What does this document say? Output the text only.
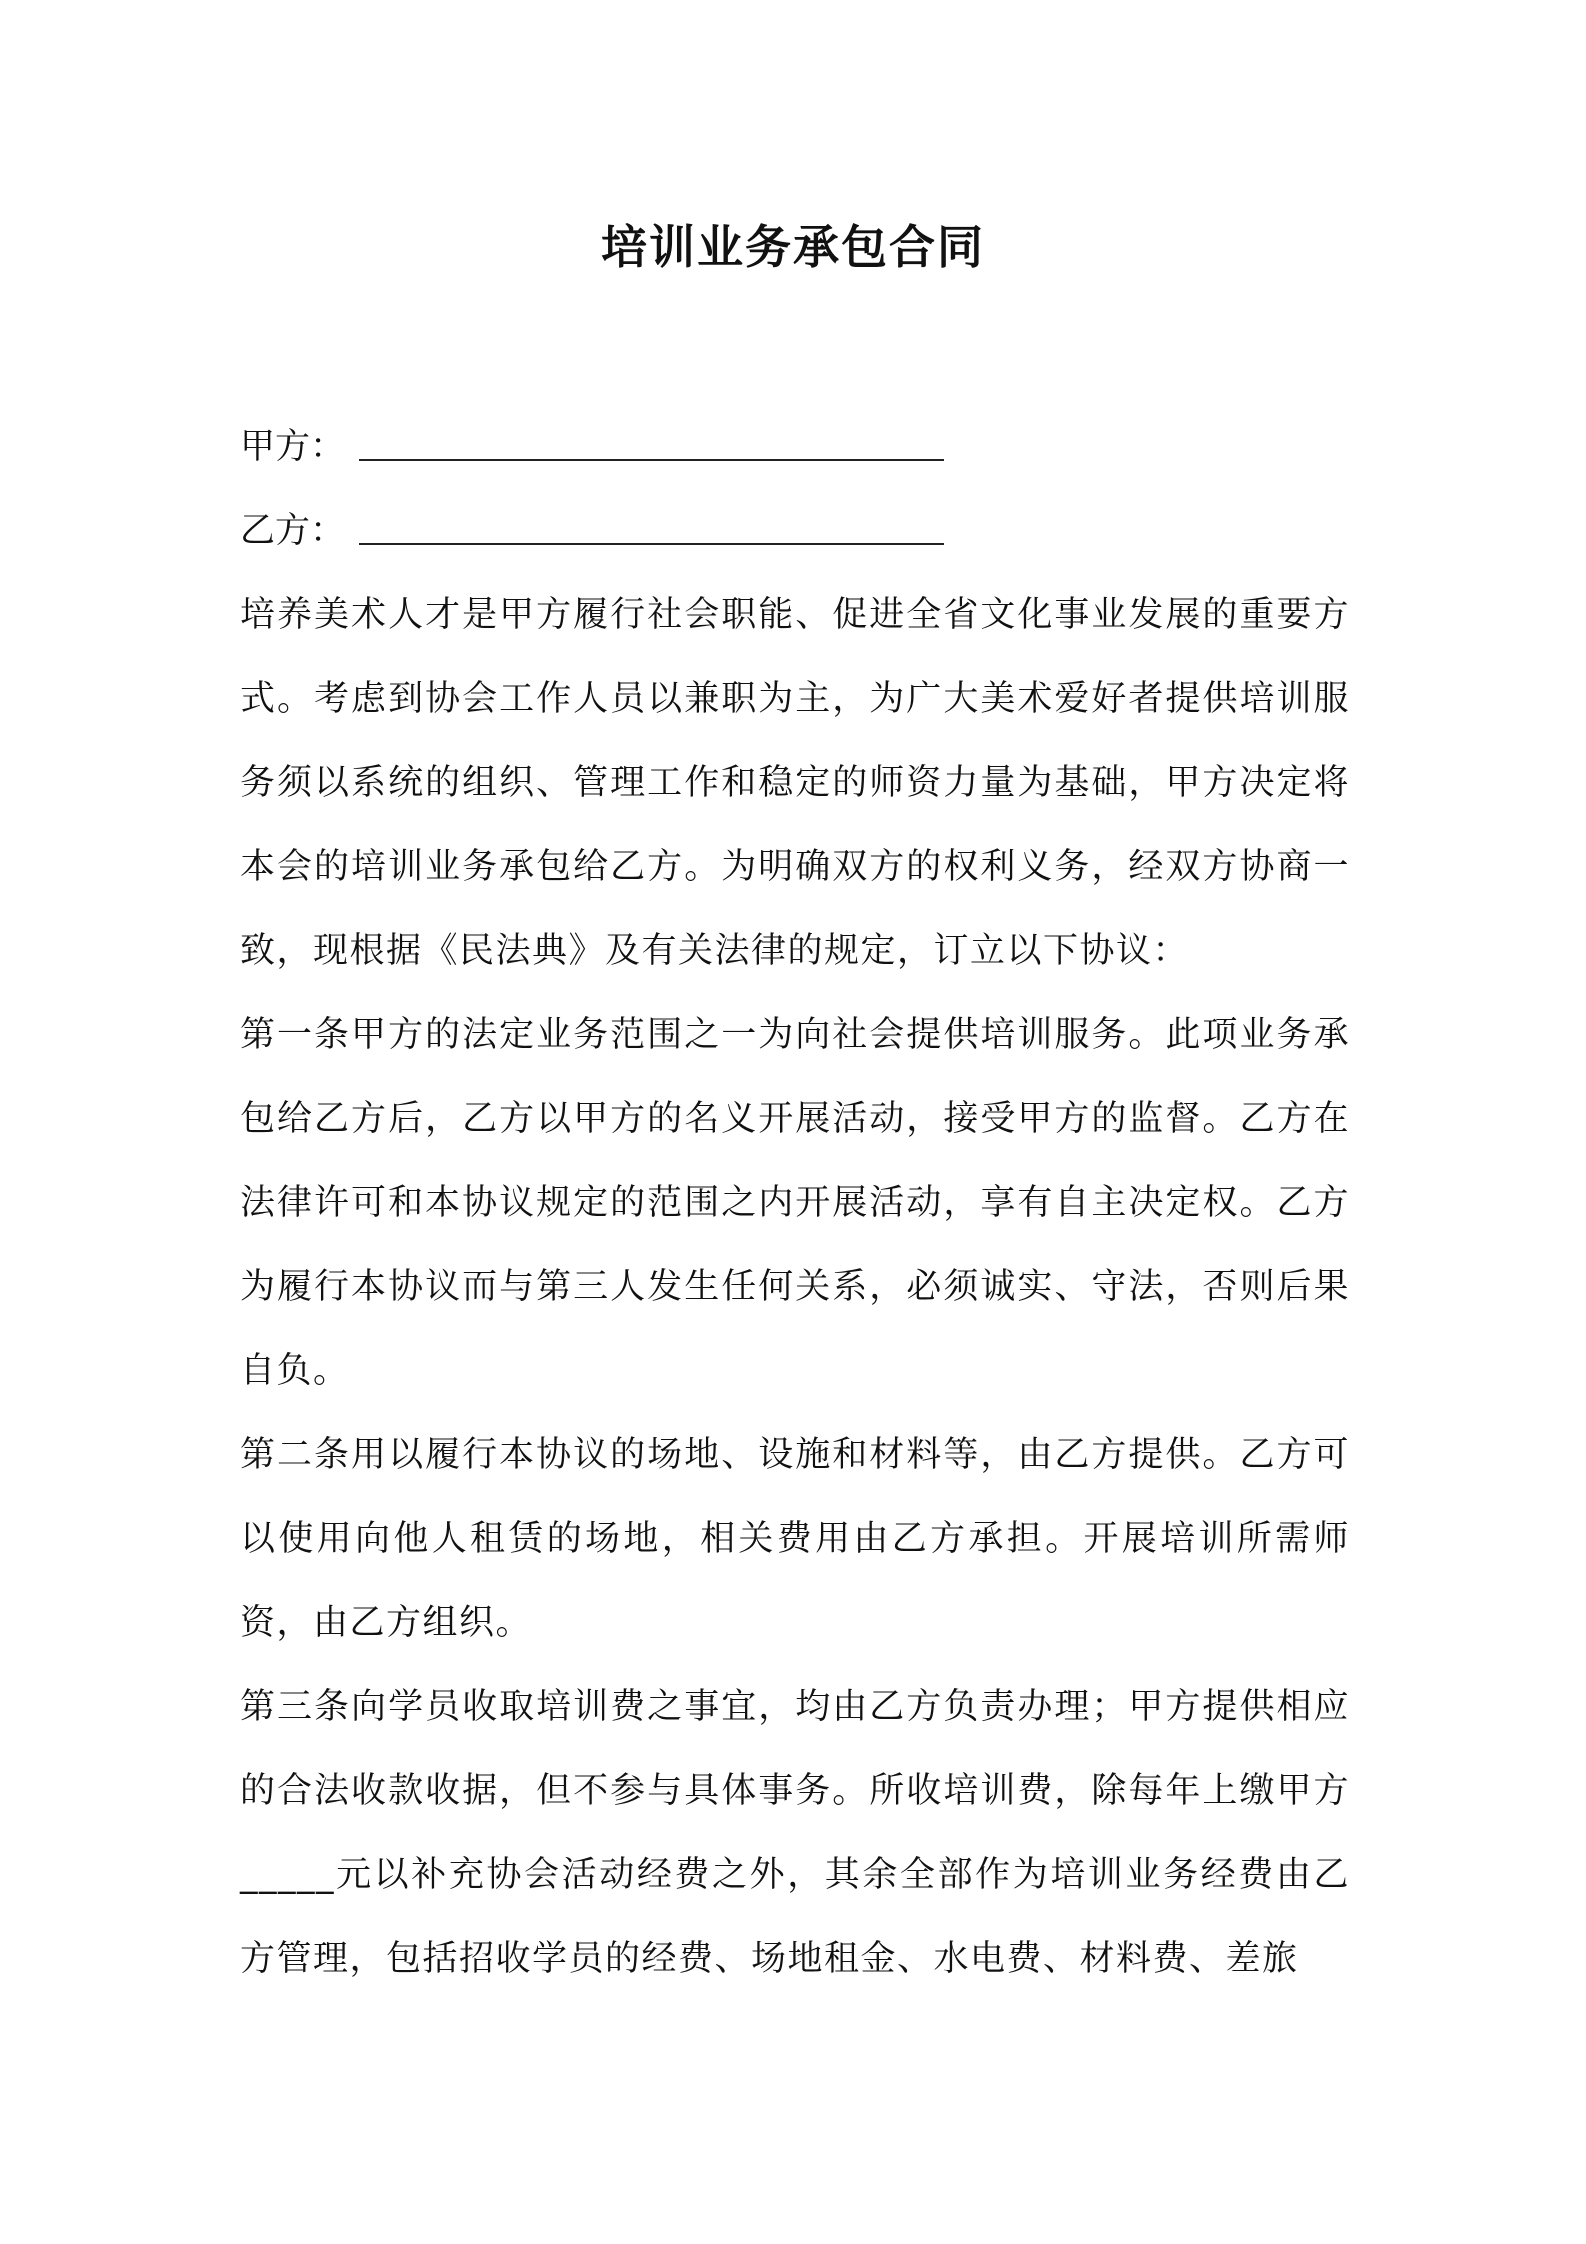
培训业务承包合同
甲方：
乙方：

培养美术人才是甲方履行社会职能、促进全省文化事业发展的重要方式。考虑到协会工作人员以兼职为主，为广大美术爱好者提供培训服务须以系统的组织、管理工作和稳定的师资力量为基础，甲方决定将本会的培训业务承包给乙方。为明确双方的权利义务，经双方协商一致，现根据《民法典》及有关法律的规定，订立以下协议：

第一条甲方的法定业务范围之一为向社会提供培训服务。此项业务承包给乙方后，乙方以甲方的名义开展活动，接受甲方的监督。乙方在法律许可和本协议规定的范围之内开展活动，享有自主决定权。乙方为履行本协议而与第三人发生任何关系，必须诚实、守法，否则后果自负。

第二条用以履行本协议的场地、设施和材料等，由乙方提供。乙方可以使用向他人租赁的场地，相关费用由乙方承担。开展培训所需师资，由乙方组织。

第三条向学员收取培训费之事宜，均由乙方负责办理；甲方提供相应的合法收款收据，但不参与具体事务。所收培训费，除每年上缴甲方_____元以补充协会活动经费之外，其余全部作为培训业务经费由乙方管理，包括招收学员的经费、场地租金、水电费、材料费、差旅
